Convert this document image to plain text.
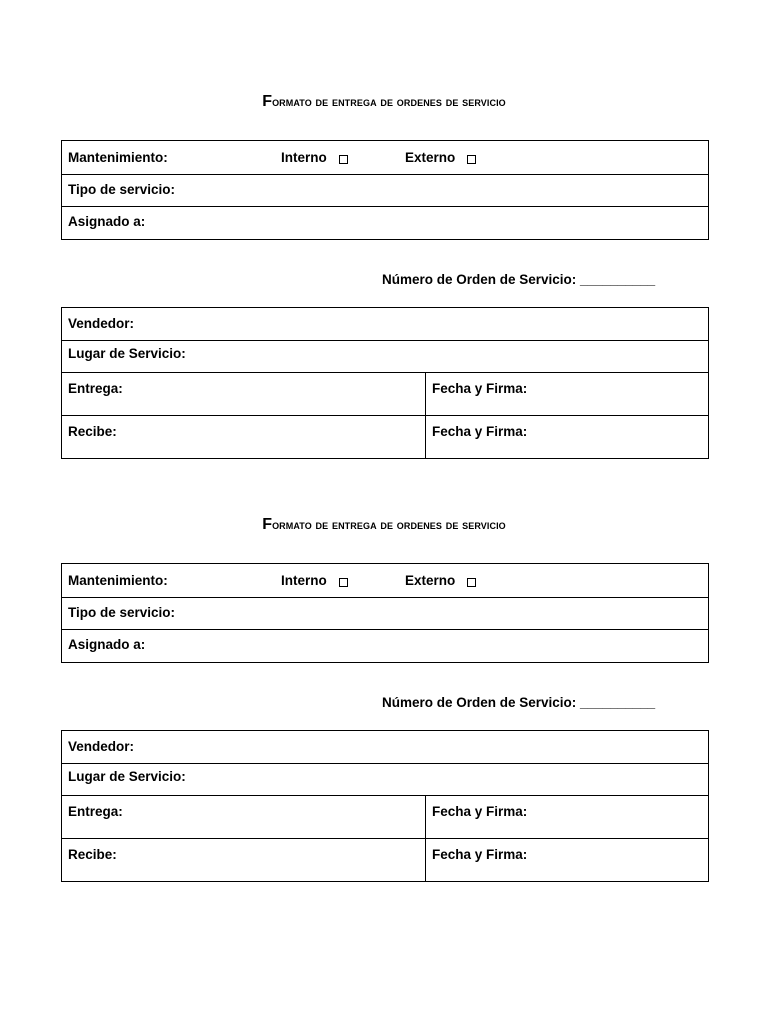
Formato de entrega de ordenes de servicio
Mantenimiento:	Interno	Externo
Tipo de servicio:
Asignado a:
Número de Orden de Servicio: __________
Vendedor:
Lugar de Servicio:
Entrega:	Fecha y Firma:
Recibe:	Fecha y Firma:
Formato de entrega de ordenes de servicio
Mantenimiento:	Interno	Externo
Tipo de servicio:
Asignado a:
Número de Orden de Servicio: __________
Vendedor:
Lugar de Servicio:
Entrega:	Fecha y Firma:
Recibe:	Fecha y Firma:
